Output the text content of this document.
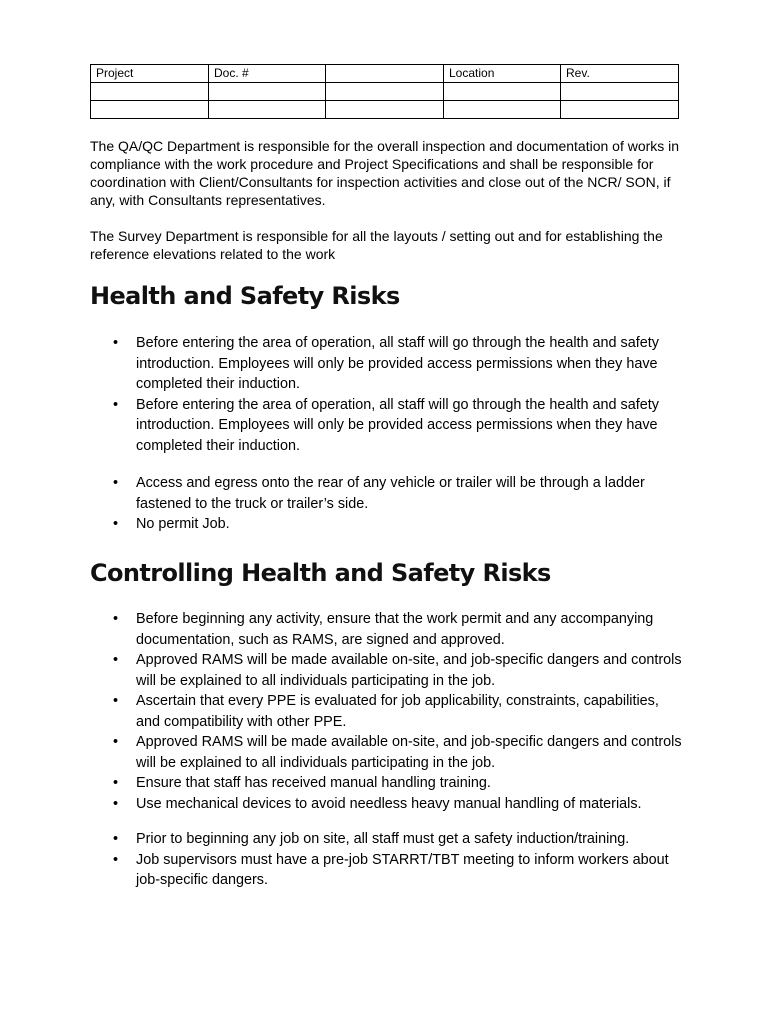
Project	Doc. #		Location	Rev.

The QA/QC Department is responsible for the overall inspection and documentation of works in compliance with the work procedure and Project Specifications and shall be responsible for coordination with Client/Consultants for inspection activities and close out of the NCR/ SON, if any, with Consultants representatives.

The Survey Department is responsible for all the layouts / setting out and for establishing the reference elevations related to the work

Health and Safety Risks
• Before entering the area of operation, all staff will go through the health and safety introduction. Employees will only be provided access permissions when they have completed their induction.
• Before entering the area of operation, all staff will go through the health and safety introduction. Employees will only be provided access permissions when they have completed their induction.
• Access and egress onto the rear of any vehicle or trailer will be through a ladder fastened to the truck or trailer’s side.
• No permit Job.
Controlling Health and Safety Risks
• Before beginning any activity, ensure that the work permit and any accompanying documentation, such as RAMS, are signed and approved.
• Approved RAMS will be made available on-site, and job-specific dangers and controls will be explained to all individuals participating in the job.
• Ascertain that every PPE is evaluated for job applicability, constraints, capabilities, and compatibility with other PPE.
• Approved RAMS will be made available on-site, and job-specific dangers and controls will be explained to all individuals participating in the job.
• Ensure that staff has received manual handling training.
• Use mechanical devices to avoid needless heavy manual handling of materials.
• Prior to beginning any job on site, all staff must get a safety induction/training.
• Job supervisors must have a pre-job STARRT/TBT meeting to inform workers about job-specific dangers.
